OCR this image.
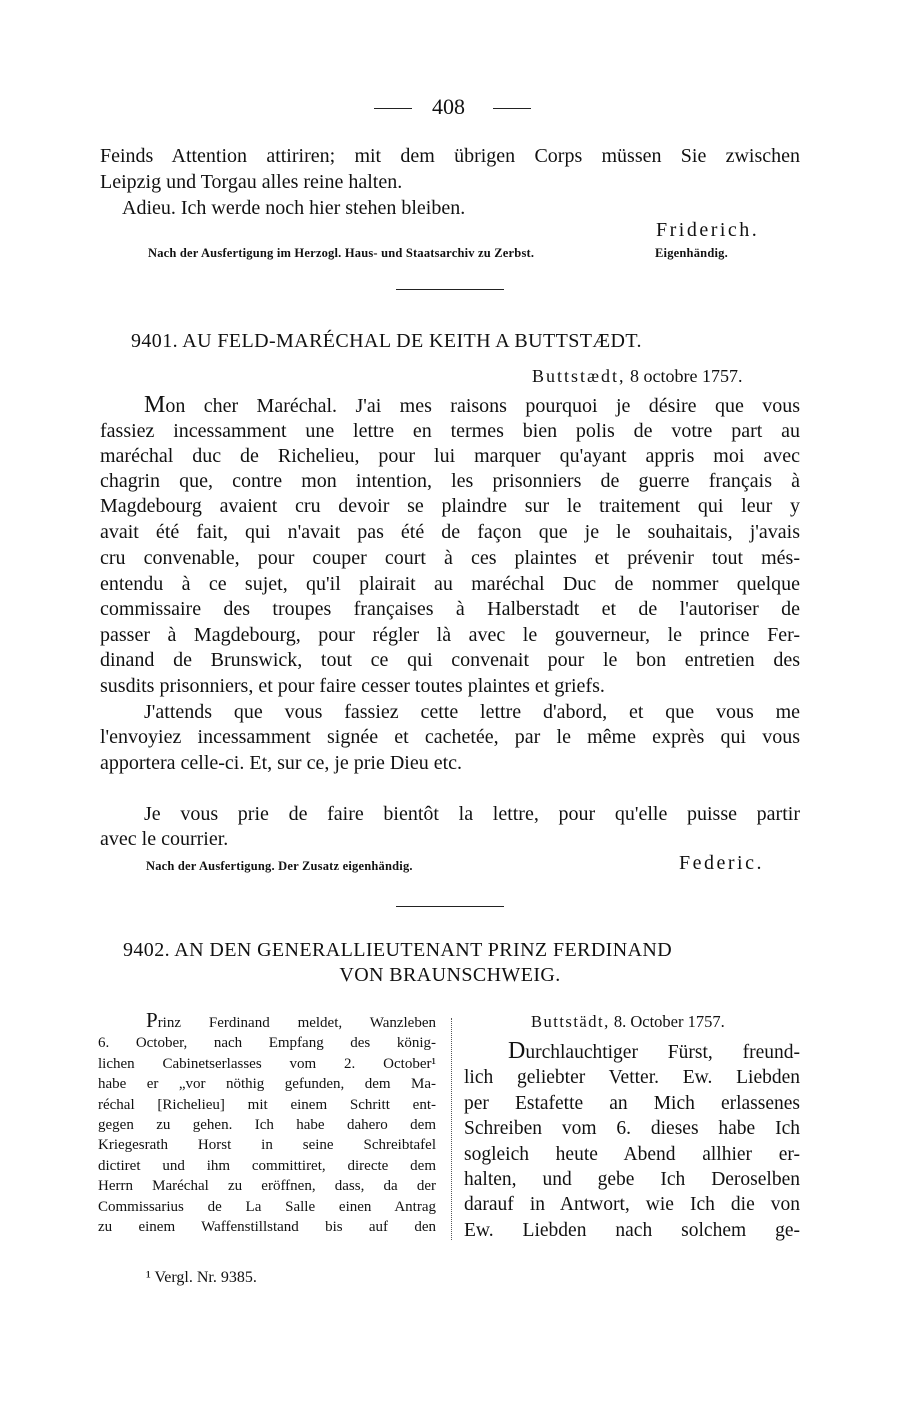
408
Feinds Attention attiriren; mit dem übrigen Corps müssen Sie zwischen
Leipzig und Torgau alles reine halten.
Adieu. Ich werde noch hier stehen bleiben.
Friderich.
Nach der Ausfertigung im Herzogl. Haus- und Staatsarchiv zu Zerbst.	Eigenhändig.
9401. AU FELD-MARÉCHAL DE KEITH A BUTTSTÆDT.
Buttstædt, 8 octobre 1757.
Mon cher Maréchal. J'ai mes raisons pourquoi je désire que vous
fassiez incessamment une lettre en termes bien polis de votre part au
maréchal duc de Richelieu, pour lui marquer qu'ayant appris moi avec
chagrin que, contre mon intention, les prisonniers de guerre français à
Magdebourg avaient cru devoir se plaindre sur le traitement qui leur y
avait été fait, qui n'avait pas été de façon que je le souhaitais, j'avais
cru convenable, pour couper court à ces plaintes et prévenir tout més-
entendu à ce sujet, qu'il plairait au maréchal Duc de nommer quelque
commissaire des troupes françaises à Halberstadt et de l'autoriser de
passer à Magdebourg, pour régler là avec le gouverneur, le prince Fer-
dinand de Brunswick, tout ce qui convenait pour le bon entretien des
susdits prisonniers, et pour faire cesser toutes plaintes et griefs.
J'attends que vous fassiez cette lettre d'abord, et que vous me
l'envoyiez incessamment signée et cachetée, par le même exprès qui vous
apportera celle-ci. Et, sur ce, je prie Dieu etc.
Je vous prie de faire bientôt la lettre, pour qu'elle puisse partir
avec le courrier.
Nach der Ausfertigung. Der Zusatz eigenhändig.	Federic.
9402. AN DEN GENERALLIEUTENANT PRINZ FERDINAND
VON BRAUNSCHWEIG.
Prinz Ferdinand meldet, Wanzleben
6. October, nach Empfang des könig-
lichen Cabinetserlasses vom 2. October¹
habe er „vor nöthig gefunden, dem Ma-
réchal [Richelieu] mit einem Schritt ent-
gegen zu gehen. Ich habe dahero dem
Kriegesrath Horst in seine Schreibtafel
dictiret und ihm committiret, directe dem
Herrn Maréchal zu eröffnen, dass, da der
Commissarius de La Salle einen Antrag
zu einem Waffenstillstand bis auf den
Buttstädt, 8. October 1757.
Durchlauchtiger Fürst, freund-
lich geliebter Vetter. Ew. Liebden
per Estafette an Mich erlassenes
Schreiben vom 6. dieses habe Ich
sogleich heute Abend allhier er-
halten, und gebe Ich Deroselben
darauf in Antwort, wie Ich die von
Ew. Liebden nach solchem ge-
¹ Vergl. Nr. 9385.
